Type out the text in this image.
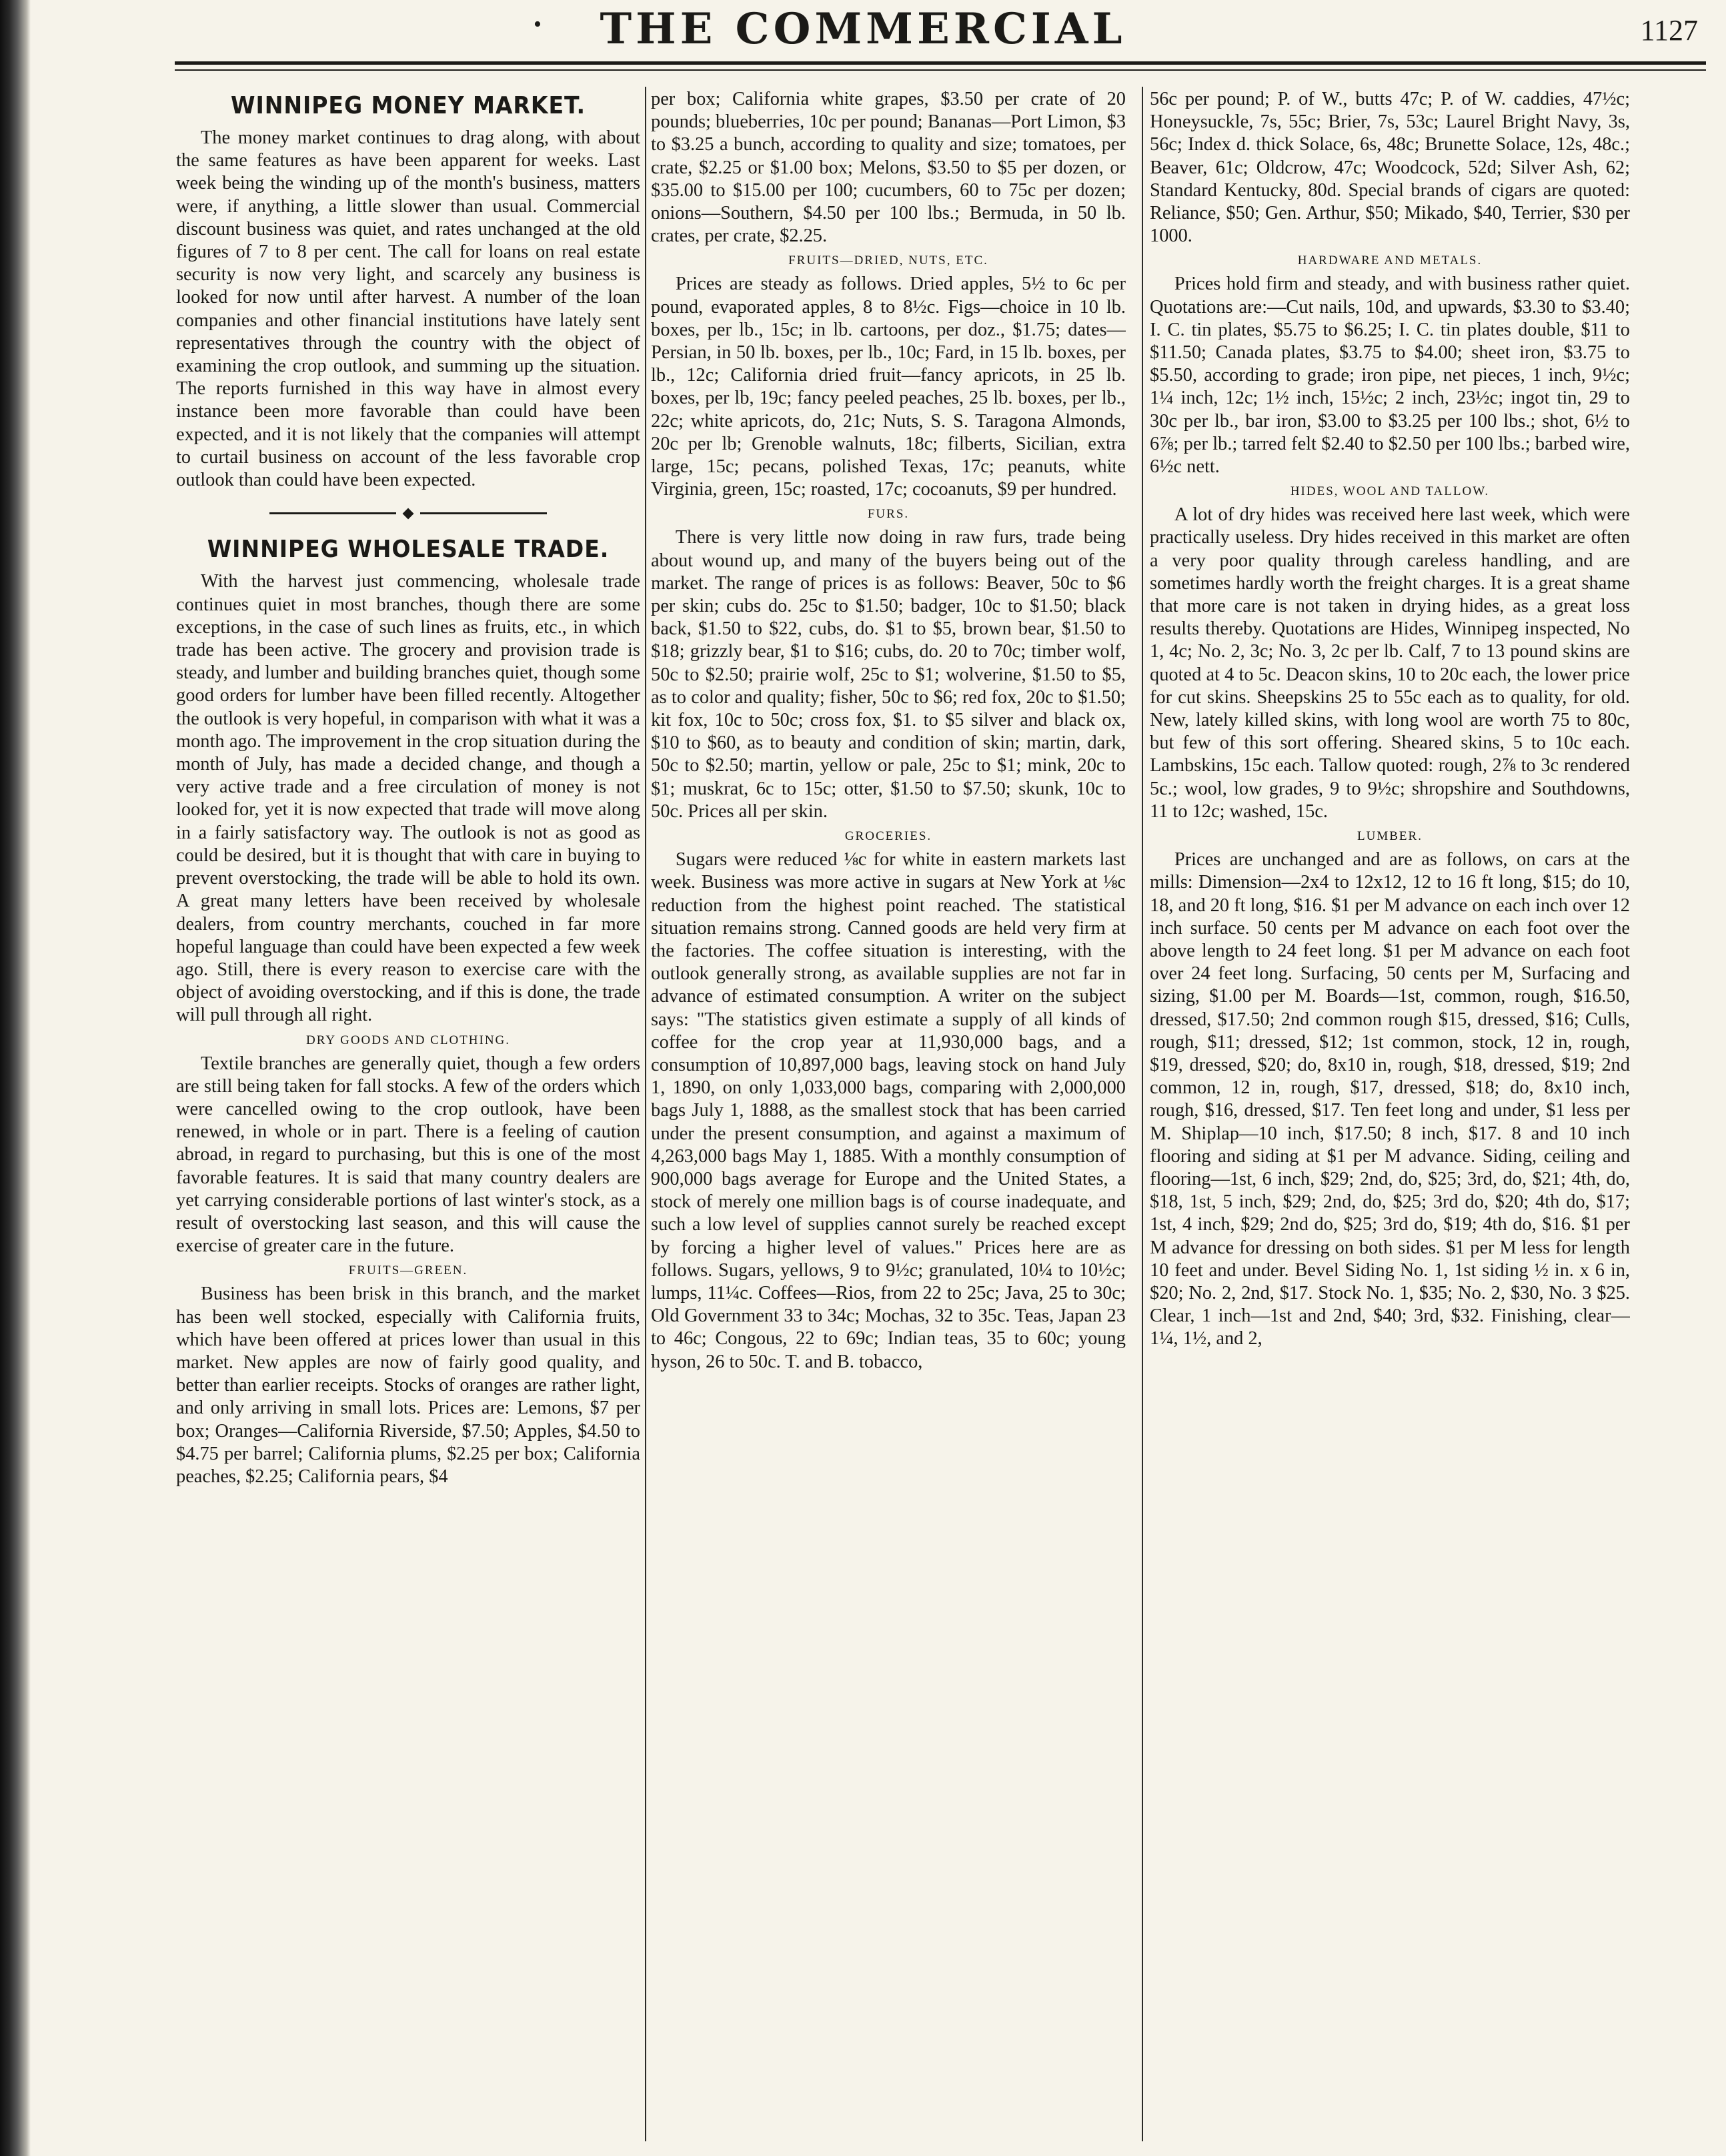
•	THE COMMERCIAL	1127
WINNIPEG MONEY MARKET.

The money market continues to drag along, with about the same features as have been apparent for weeks. Last week being the winding up of the month's business, matters were, if anything, a little slower than usual. Commercial discount business was quiet, and rates unchanged at the old figures of 7 to 8 per cent. The call for loans on real estate security is now very light, and scarcely any business is looked for now until after harvest. A number of the loan companies and other financial institutions have lately sent representatives through the country with the object of examining the crop outlook, and summing up the situation. The reports furnished in this way have in almost every instance been more favorable than could have been expected, and it is not likely that the companies will attempt to curtail business on account of the less favorable crop outlook than could have been expected.

WINNIPEG WHOLESALE TRADE.

With the harvest just commencing, wholesale trade continues quiet in most branches, though there are some exceptions, in the case of such lines as fruits, etc., in which trade has been active. The grocery and provision trade is steady, and lumber and building branches quiet, though some good orders for lumber have been filled recently. Altogether the outlook is very hopeful, in comparison with what it was a month ago. The improvement in the crop situation during the month of July, has made a decided change, and though a very active trade and a free circulation of money is not looked for, yet it is now expected that trade will move along in a fairly satisfactory way. The outlook is not as good as could be desired, but it is thought that with care in buying to prevent overstocking, the trade will be able to hold its own. A great many letters have been received by wholesale dealers, from country merchants, couched in far more hopeful language than could have been expected a few week ago. Still, there is every reason to exercise care with the object of avoiding overstocking, and if this is done, the trade will pull through all right.

DRY GOODS AND CLOTHING.

Textile branches are generally quiet, though a few orders are still being taken for fall stocks. A few of the orders which were cancelled owing to the crop outlook, have been renewed, in whole or in part. There is a feeling of caution abroad, in regard to purchasing, but this is one of the most favorable features. It is said that many country dealers are yet carrying considerable portions of last winter's stock, as a result of overstocking last season, and this will cause the exercise of greater care in the future.

FRUITS—GREEN.

Business has been brisk in this branch, and the market has been well stocked, especially with California fruits, which have been offered at prices lower than usual in this market. New apples are now of fairly good quality, and better than earlier receipts. Stocks of oranges are rather light, and only arriving in small lots. Prices are: Lemons, $7 per box; Oranges—California Riverside, $7.50; Apples, $4.50 to $4.75 per barrel; California plums, $2.25 per box; California peaches, $2.25; California pears, $4

per box; California white grapes, $3.50 per crate of 20 pounds; blueberries, 10c per pound; Bananas—Port Limon, $3 to $3.25 a bunch, according to quality and size; tomatoes, per crate, $2.25 or $1.00 box; Melons, $3.50 to $5 per dozen, or $35.00 to $15.00 per 100; cucumbers, 60 to 75c per dozen; onions—Southern, $4.50 per 100 lbs.; Bermuda, in 50 lb. crates, per crate, $2.25.

FRUITS—DRIED, NUTS, ETC.

Prices are steady as follows. Dried apples, 5½ to 6c per pound, evaporated apples, 8 to 8½c. Figs—choice in 10 lb. boxes, per lb., 15c; in lb. cartoons, per doz., $1.75; dates—Persian, in 50 lb. boxes, per lb., 10c; Fard, in 15 lb. boxes, per lb., 12c; California dried fruit—fancy apricots, in 25 lb. boxes, per lb, 19c; fancy peeled peaches, 25 lb. boxes, per lb., 22c; white apricots, do, 21c; Nuts, S. S. Taragona Almonds, 20c per lb; Grenoble walnuts, 18c; filberts, Sicilian, extra large, 15c; pecans, polished Texas, 17c; peanuts, white Virginia, green, 15c; roasted, 17c; cocoanuts, $9 per hundred.

FURS.

There is very little now doing in raw furs, trade being about wound up, and many of the buyers being out of the market. The range of prices is as follows: Beaver, 50c to $6 per skin; cubs do. 25c to $1.50; badger, 10c to $1.50; black back, $1.50 to $22, cubs, do. $1 to $5, brown bear, $1.50 to $18; grizzly bear, $1 to $16; cubs, do. 20 to 70c; timber wolf, 50c to $2.50; prairie wolf, 25c to $1; wolverine, $1.50 to $5, as to color and quality; fisher, 50c to $6; red fox, 20c to $1.50; kit fox, 10c to 50c; cross fox, $1. to $5 silver and black ox, $10 to $60, as to beauty and condition of skin; martin, dark, 50c to $2.50; martin, yellow or pale, 25c to $1; mink, 20c to $1; muskrat, 6c to 15c; otter, $1.50 to $7.50; skunk, 10c to 50c. Prices all per skin.

GROCERIES.

Sugars were reduced ⅛c for white in eastern markets last week. Business was more active in sugars at New York at ⅛c reduction from the highest point reached. The statistical situation remains strong. Canned goods are held very firm at the factories. The coffee situation is interesting, with the outlook generally strong, as available supplies are not far in advance of estimated consumption. A writer on the subject says: "The statistics given estimate a supply of all kinds of coffee for the crop year at 11,930,000 bags, and a consumption of 10,897,000 bags, leaving stock on hand July 1, 1890, on only 1,033,000 bags, comparing with 2,000,000 bags July 1, 1888, as the smallest stock that has been carried under the present consumption, and against a maximum of 4,263,000 bags May 1, 1885. With a monthly consumption of 900,000 bags average for Europe and the United States, a stock of merely one million bags is of course inadequate, and such a low level of supplies cannot surely be reached except by forcing a higher level of values." Prices here are as follows. Sugars, yellows, 9 to 9½c; granulated, 10¼ to 10½c; lumps, 11¼c. Coffees—Rios, from 22 to 25c; Java, 25 to 30c; Old Government 33 to 34c; Mochas, 32 to 35c. Teas, Japan 23 to 46c; Congous, 22 to 69c; Indian teas, 35 to 60c; young hyson, 26 to 50c. T. and B. tobacco,

56c per pound; P. of W., butts 47c; P. of W. caddies, 47½c; Honeysuckle, 7s, 55c; Brier, 7s, 53c; Laurel Bright Navy, 3s, 56c; Index d. thick Solace, 6s, 48c; Brunette Solace, 12s, 48c.; Beaver, 61c; Oldcrow, 47c; Woodcock, 52d; Silver Ash, 62; Standard Kentucky, 80d. Special brands of cigars are quoted: Reliance, $50; Gen. Arthur, $50; Mikado, $40, Terrier, $30 per 1000.

HARDWARE AND METALS.

Prices hold firm and steady, and with business rather quiet. Quotations are:—Cut nails, 10d, and upwards, $3.30 to $3.40; I. C. tin plates, $5.75 to $6.25; I. C. tin plates double, $11 to $11.50; Canada plates, $3.75 to $4.00; sheet iron, $3.75 to $5.50, according to grade; iron pipe, net pieces, 1 inch, 9½c; 1¼ inch, 12c; 1½ inch, 15½c; 2 inch, 23½c; ingot tin, 29 to 30c per lb., bar iron, $3.00 to $3.25 per 100 lbs.; shot, 6½ to 6⅞; per lb.; tarred felt $2.40 to $2.50 per 100 lbs.; barbed wire, 6½c nett.

HIDES, WOOL AND TALLOW.

A lot of dry hides was received here last week, which were practically useless. Dry hides received in this market are often a very poor quality through careless handling, and are sometimes hardly worth the freight charges. It is a great shame that more care is not taken in drying hides, as a great loss results thereby. Quotations are Hides, Winnipeg inspected, No 1, 4c; No. 2, 3c; No. 3, 2c per lb. Calf, 7 to 13 pound skins are quoted at 4 to 5c. Deacon skins, 10 to 20c each, the lower price for cut skins. Sheepskins 25 to 55c each as to quality, for old. New, lately killed skins, with long wool are worth 75 to 80c, but few of this sort offering. Sheared skins, 5 to 10c each. Lambskins, 15c each. Tallow quoted: rough, 2⅞ to 3c rendered 5c.; wool, low grades, 9 to 9½c; shropshire and Southdowns, 11 to 12c; washed, 15c.

LUMBER.

Prices are unchanged and are as follows, on cars at the mills: Dimension—2x4 to 12x12, 12 to 16 ft long, $15; do 10, 18, and 20 ft long, $16. $1 per M advance on each inch over 12 inch surface. 50 cents per M advance on each foot over the above length to 24 feet long. $1 per M advance on each foot over 24 feet long. Surfacing, 50 cents per M, Surfacing and sizing, $1.00 per M. Boards—1st, common, rough, $16.50, dressed, $17.50; 2nd common rough $15, dressed, $16; Culls, rough, $11; dressed, $12; 1st common, stock, 12 in, rough, $19, dressed, $20; do, 8x10 in, rough, $18, dressed, $19; 2nd common, 12 in, rough, $17, dressed, $18; do, 8x10 inch, rough, $16, dressed, $17. Ten feet long and under, $1 less per M. Shiplap—10 inch, $17.50; 8 inch, $17. 8 and 10 inch flooring and siding at $1 per M advance. Siding, ceiling and flooring—1st, 6 inch, $29; 2nd, do, $25; 3rd, do, $21; 4th, do, $18, 1st, 5 inch, $29; 2nd, do, $25; 3rd do, $20; 4th do, $17; 1st, 4 inch, $29; 2nd do, $25; 3rd do, $19; 4th do, $16. $1 per M advance for dressing on both sides. $1 per M less for length 10 feet and under. Bevel Siding No. 1, 1st siding ½ in. x 6 in, $20; No. 2, 2nd, $17. Stock No. 1, $35; No. 2, $30, No. 3 $25. Clear, 1 inch—1st and 2nd, $40; 3rd, $32. Finishing, clear—1¼, 1½, and 2,
